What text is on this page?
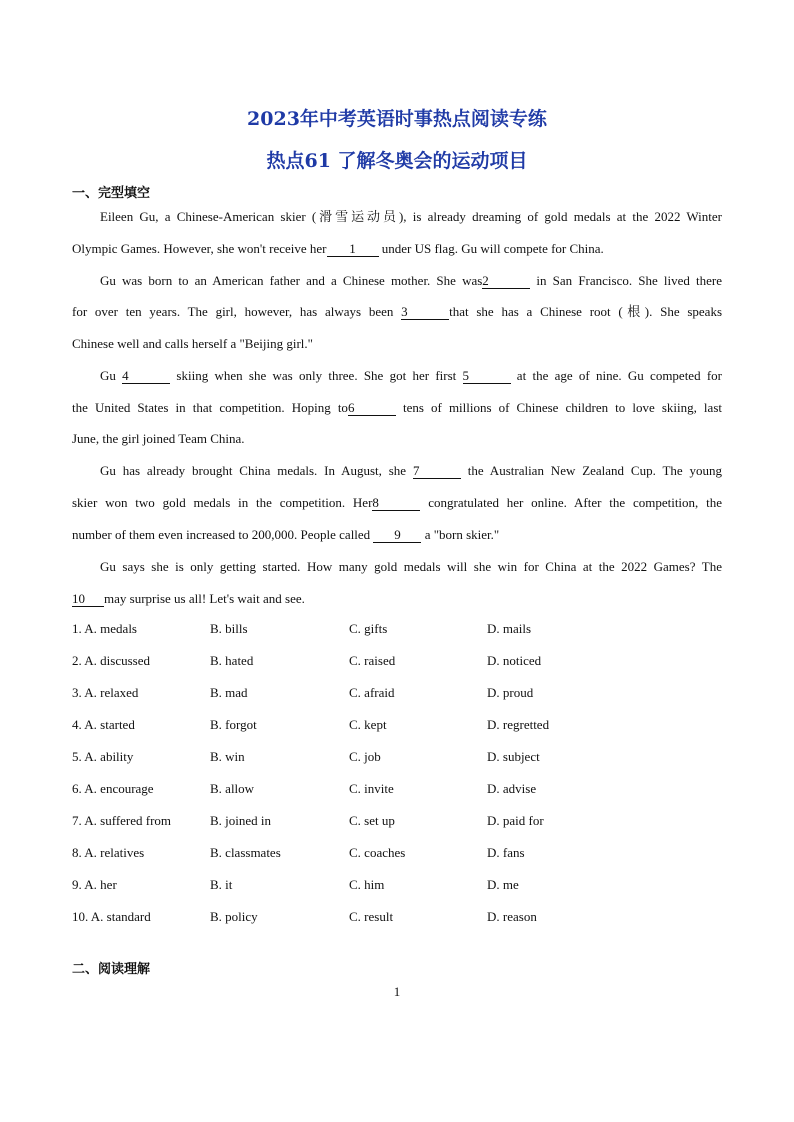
2023年中考英语时事热点阅读专练
热点61 了解冬奥会的运动项目
一、完型填空
Eileen Gu, a Chinese-American skier (滑雪运动员), is already dreaming of gold medals at the 2022 Winter
Olympic Games. However, she won't receive her 1 under US flag. Gu will compete for China.
Gu was born to an American father and a Chinese mother. She was2	in San Francisco. She lived there
for over ten years. The girl, however, has always been 3	that she has a Chinese root (根). She speaks
Chinese well and calls herself a "Beijing girl."
Gu 4	skiing when she was only three. She got her first 5	at the age of nine. Gu competed for
the United States in that competition. Hoping to6	tens of millions of Chinese children to love skiing, last
June, the girl joined Team China.
Gu has already brought China medals. In August, she 7	the Australian New Zealand Cup. The young
skier won two gold medals in the competition. Her8	congratulated her online. After the competition, the
number of them even increased to 200,000. People called 9 a "born skier."
Gu says she is only getting started. How many gold medals will she win for China at the 2022 Games? The
10 may surprise us all! Let's wait and see.
1. A. medals	B. bills	C. gifts	D. mails
2. A. discussed	B. hated	C. raised	D. noticed
3. A. relaxed	B. mad	C. afraid	D. proud
4. A. started	B. forgot	C. kept	D. regretted
5. A. ability	B. win	C. job	D. subject
6. A. encourage	B. allow	C. invite	D. advise
7. A. suffered from	B. joined in	C. set up	D. paid for
8. A. relatives	B. classmates	C. coaches	D. fans
9. A. her	B. it	C. him	D. me
10. A. standard	B. policy	C. result	D. reason
二、阅读理解
1
